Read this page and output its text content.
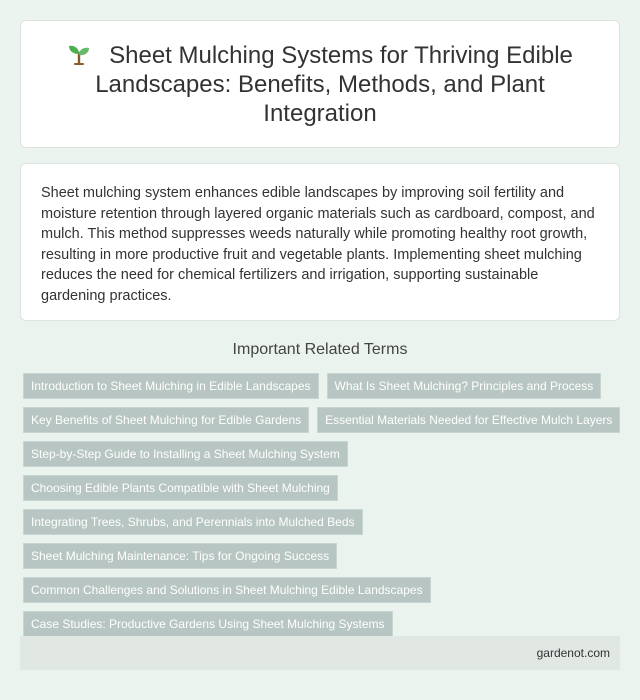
Sheet Mulching Systems for Thriving Edible Landscapes: Benefits, Methods, and Plant Integration

Sheet mulching system enhances edible landscapes by improving soil fertility and moisture retention through layered organic materials such as cardboard, compost, and mulch. This method suppresses weeds naturally while promoting healthy root growth, resulting in more productive fruit and vegetable plants. Implementing sheet mulching reduces the need for chemical fertilizers and irrigation, supporting sustainable gardening practices.

Important Related Terms
Introduction to Sheet Mulching in Edible Landscapes	What Is Sheet Mulching? Principles and Process
Key Benefits of Sheet Mulching for Edible Gardens	Essential Materials Needed for Effective Mulch Layers
Step-by-Step Guide to Installing a Sheet Mulching System
Choosing Edible Plants Compatible with Sheet Mulching
Integrating Trees, Shrubs, and Perennials into Mulched Beds
Sheet Mulching Maintenance: Tips for Ongoing Success
Common Challenges and Solutions in Sheet Mulching Edible Landscapes
Case Studies: Productive Gardens Using Sheet Mulching Systems
gardenot.com
